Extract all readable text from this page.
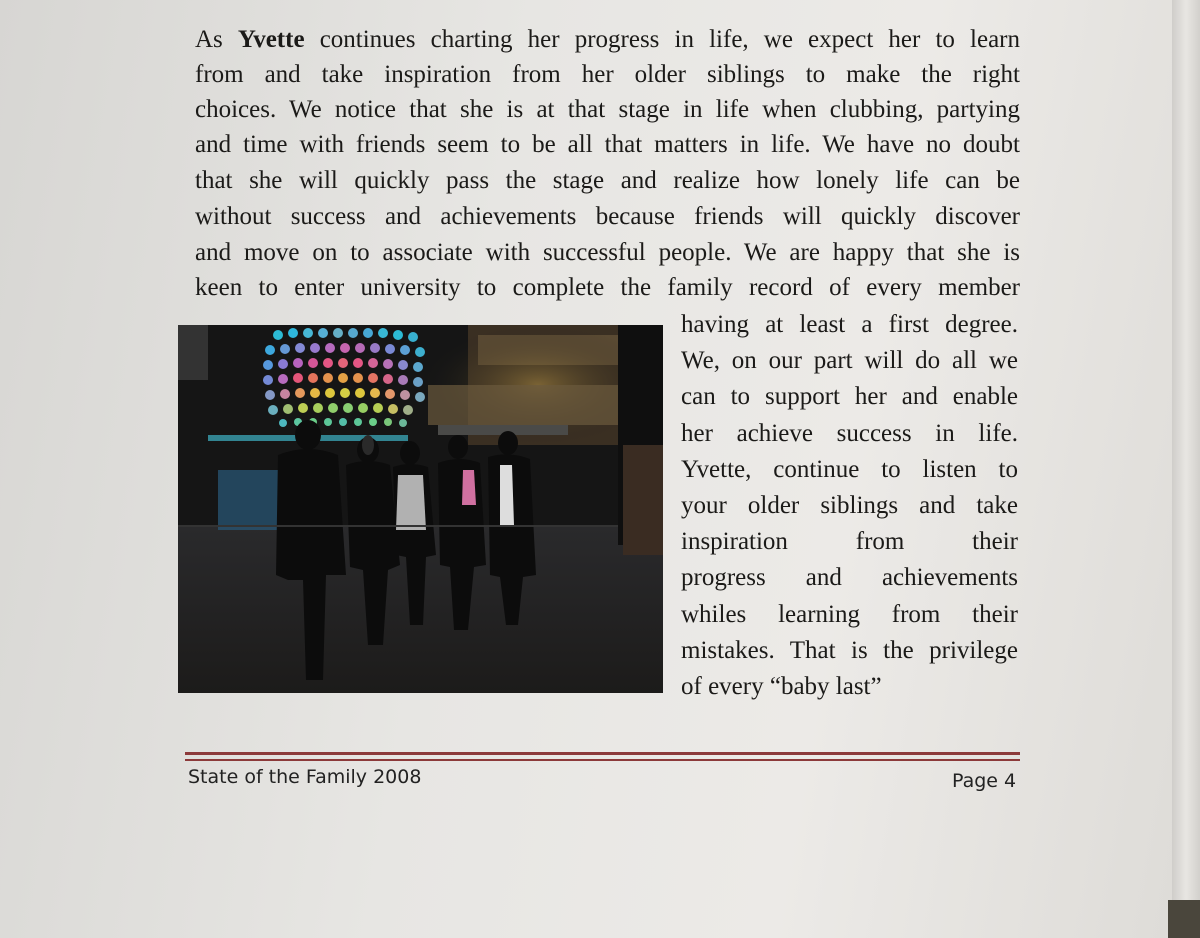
As Yvette continues charting her progress in life, we expect her to learn

from and take inspiration from her older siblings to make the right

choices. We notice that she is at that stage in life when clubbing, partying

and time with friends seem to be all that matters in life. We have no doubt

that she will quickly pass the stage and realize how lonely life can be

without success and achievements because friends will quickly discover

and move on to associate with successful people. We are happy that she is

keen to enter university to complete the family record of every member

having at least a first degree.

We, on our part will do all we

can to support her and enable

her achieve success in life.

Yvette, continue to listen to

your older siblings and take

inspiration from their

progress and achievements

whiles learning from their

mistakes. That is the privilege

of every “baby last”

State of the Family 2008	Page 4
